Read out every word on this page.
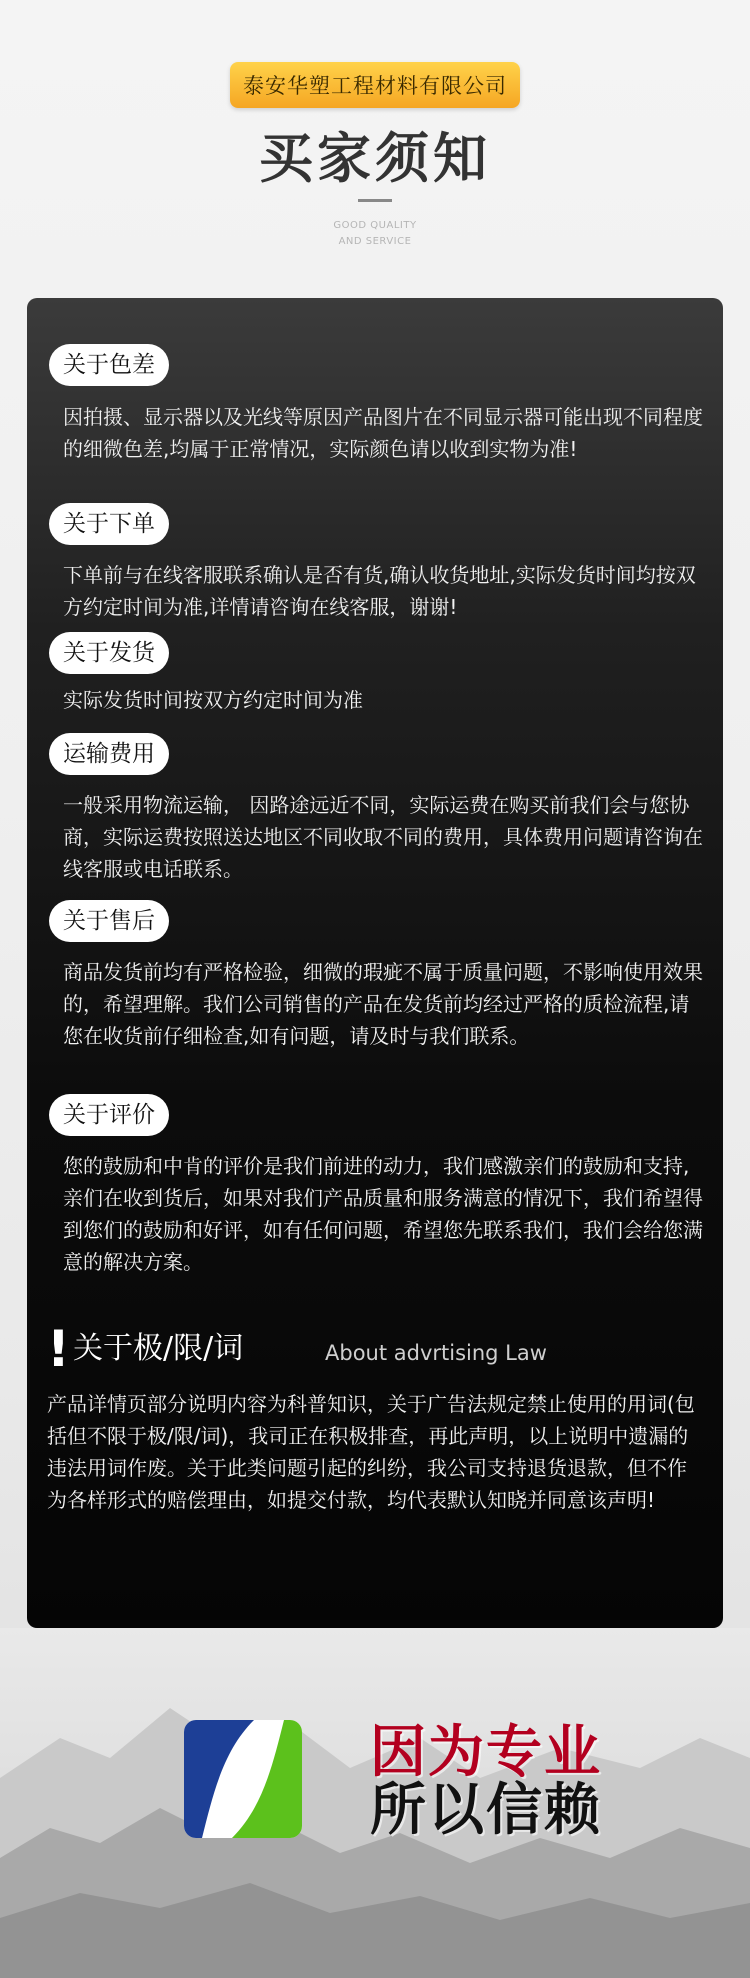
泰安华塑工程材料有限公司
买家须知
GOOD QUALITY
AND SERVICE
关于色差
因拍摄、显示器以及光线等原因产品图片在不同显示器可能出现不同程度的细微色差,均属于正常情况，实际颜色请以收到实物为准!
关于下单
下单前与在线客服联系确认是否有货,确认收货地址,实际发货时间均按双方约定时间为准,详情请咨询在线客服，谢谢!
关于发货
实际发货时间按双方约定时间为准
运输费用
一般采用物流运输， 因路途远近不同，实际运费在购买前我们会与您协商，实际运费按照送达地区不同收取不同的费用，具体费用问题请咨询在线客服或电话联系。
关于售后
商品发货前均有严格检验，细微的瑕疵不属于质量问题，不影响使用效果的，希望理解。我们公司销售的产品在发货前均经过严格的质检流程,请您在收货前仔细检查,如有问题，请及时与我们联系。
关于评价
您的鼓励和中肯的评价是我们前进的动力，我们感激亲们的鼓励和支持,亲们在收到货后，如果对我们产品质量和服务满意的情况下，我们希望得到您们的鼓励和好评，如有任何问题，希望您先联系我们，我们会给您满意的解决方案。
! 关于极/限/词	About advrtising Law
产品详情页部分说明内容为科普知识，关于广告法规定禁止使用的用词(包括但不限于极/限/词)，我司正在积极排查，再此声明，以上说明中遗漏的违法用词作废。关于此类问题引起的纠纷，我公司支持退货退款，但不作为各样形式的赔偿理由，如提交付款，均代表默认知晓并同意该声明!
因为专业
所以信赖
